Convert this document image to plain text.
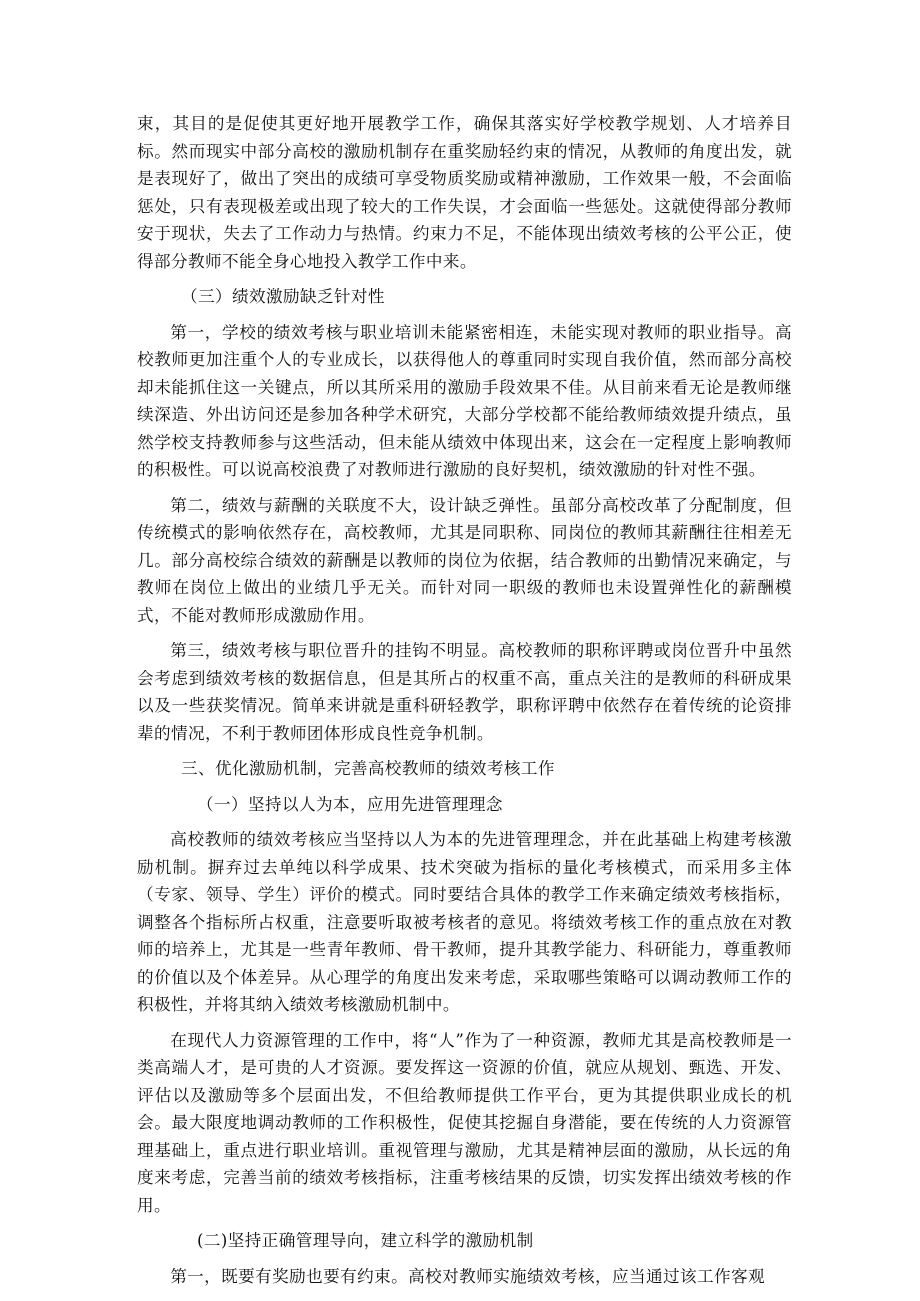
束，其目的是促使其更好地开展教学工作，确保其落实好学校教学规划、人才培养目标。然而现实中部分高校的激励机制存在重奖励轻约束的情况，从教师的角度出发，就是表现好了，做出了突出的成绩可享受物质奖励或精神激励，工作效果一般，不会面临惩处，只有表现极差或出现了较大的工作失误，才会面临一些惩处。这就使得部分教师安于现状，失去了工作动力与热情。约束力不足，不能体现出绩效考核的公平公正，使得部分教师不能全身心地投入教学工作中来。

（三）绩效激励缺乏针对性

第一，学校的绩效考核与职业培训未能紧密相连，未能实现对教师的职业指导。高校教师更加注重个人的专业成长，以获得他人的尊重同时实现自我价值，然而部分高校却未能抓住这一关键点，所以其所采用的激励手段效果不佳。从目前来看无论是教师继续深造、外出访问还是参加各种学术研究，大部分学校都不能给教师绩效提升绩点，虽然学校支持教师参与这些活动，但未能从绩效中体现出来，这会在一定程度上影响教师的积极性。可以说高校浪费了对教师进行激励的良好契机，绩效激励的针对性不强。

第二，绩效与薪酬的关联度不大，设计缺乏弹性。虽部分高校改革了分配制度，但传统模式的影响依然存在，高校教师，尤其是同职称、同岗位的教师其薪酬往往相差无几。部分高校综合绩效的薪酬是以教师的岗位为依据，结合教师的出勤情况来确定，与教师在岗位上做出的业绩几乎无关。而针对同一职级的教师也未设置弹性化的薪酬模式，不能对教师形成激励作用。

第三，绩效考核与职位晋升的挂钩不明显。高校教师的职称评聘或岗位晋升中虽然会考虑到绩效考核的数据信息，但是其所占的权重不高，重点关注的是教师的科研成果以及一些获奖情况。简单来讲就是重科研轻教学，职称评聘中依然存在着传统的论资排辈的情况，不利于教师团体形成良性竞争机制。

三、优化激励机制，完善高校教师的绩效考核工作
（一）坚持以人为本，应用先进管理理念

高校教师的绩效考核应当坚持以人为本的先进管理理念，并在此基础上构建考核激励机制。摒弃过去单纯以科学成果、技术突破为指标的量化考核模式，而采用多主体（专家、领导、学生）评价的模式。同时要结合具体的教学工作来确定绩效考核指标，调整各个指标所占权重，注意要听取被考核者的意见。将绩效考核工作的重点放在对教师的培养上，尤其是一些青年教师、骨干教师，提升其教学能力、科研能力，尊重教师的价值以及个体差异。从心理学的角度出发来考虑，采取哪些策略可以调动教师工作的积极性，并将其纳入绩效考核激励机制中。

在现代人力资源管理的工作中，将“人”作为了一种资源，教师尤其是高校教师是一类高端人才，是可贵的人才资源。要发挥这一资源的价值，就应从规划、甄选、开发、评估以及激励等多个层面出发，不但给教师提供工作平台，更为其提供职业成长的机会。最大限度地调动教师的工作积极性，促使其挖掘自身潜能，要在传统的人力资源管理基础上，重点进行职业培训。重视管理与激励，尤其是精神层面的激励，从长远的角度来考虑，完善当前的绩效考核指标，注重考核结果的反馈，切实发挥出绩效考核的作用。

(二)坚持正确管理导向，建立科学的激励机制

第一，既要有奖励也要有约束。高校对教师实施绩效考核，应当通过该工作客观
